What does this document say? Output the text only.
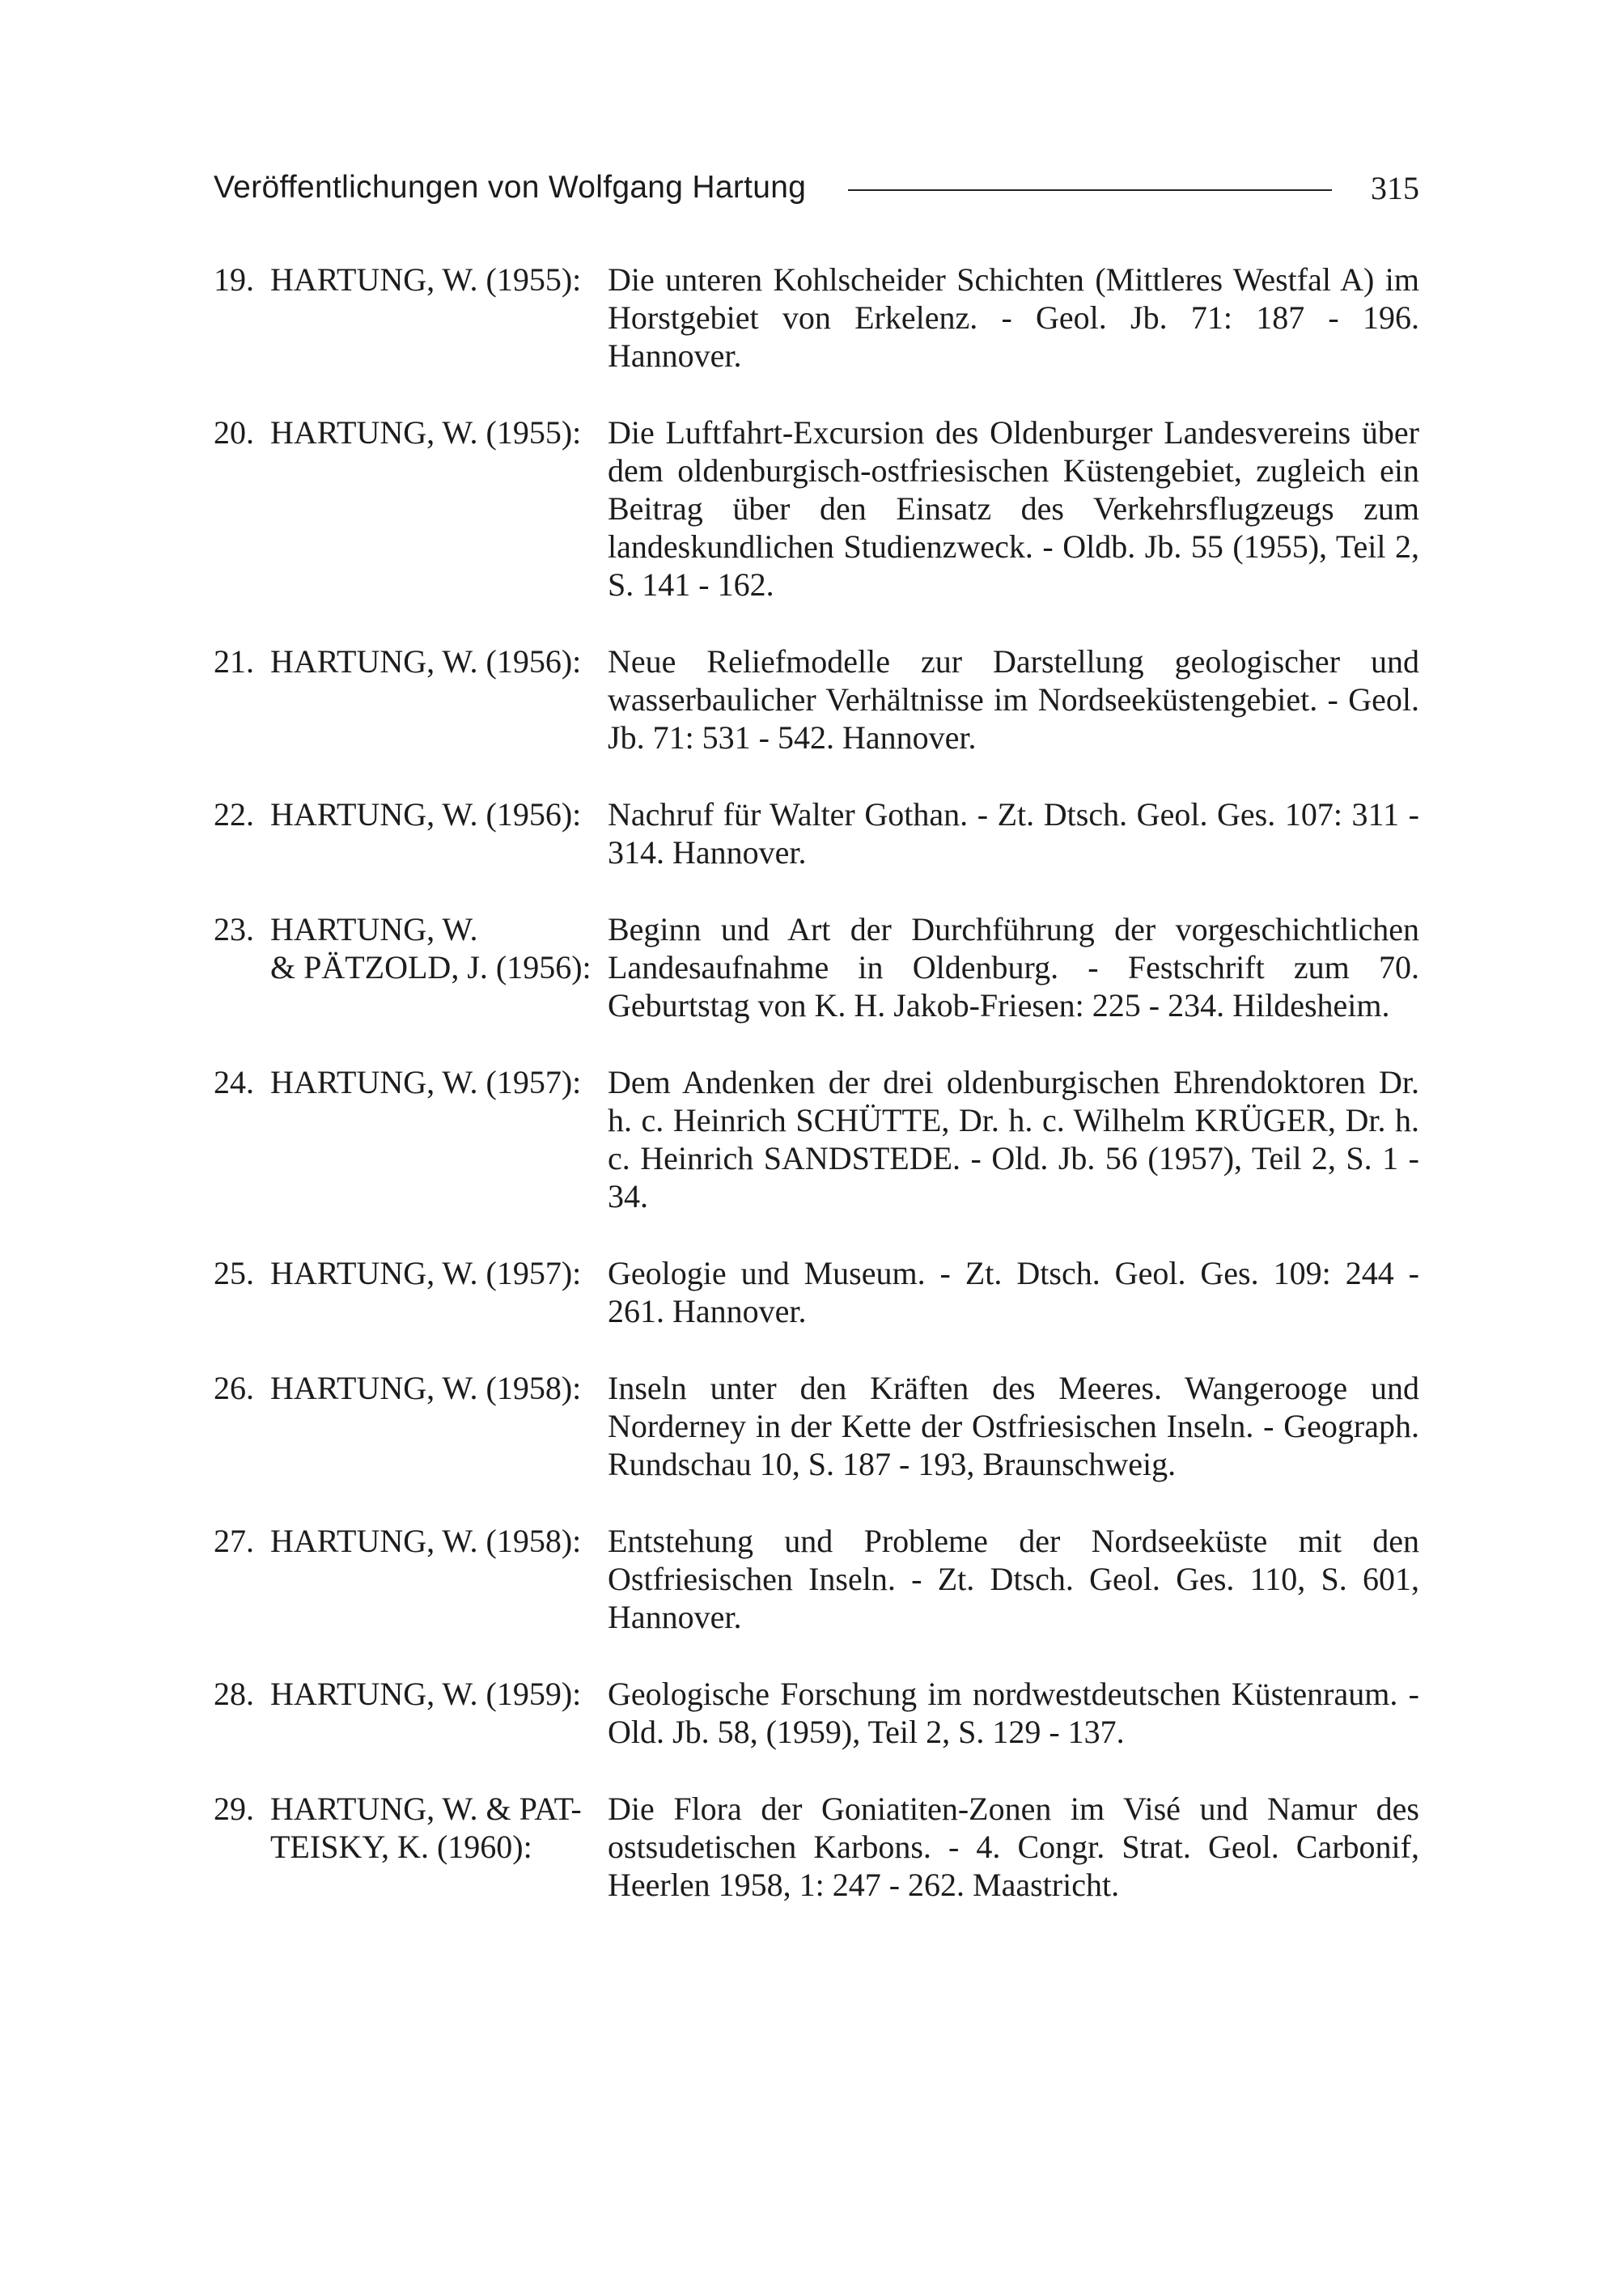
Veröffentlichungen von Wolfgang Hartung	315
19. HARTUNG, W. (1955): Die unteren Kohlscheider Schichten (Mittleres Westfal A) im Horstgebiet von Erkelenz. - Geol. Jb. 71: 187 - 196. Hannover.
20. HARTUNG, W. (1955): Die Luftfahrt-Excursion des Oldenburger Landesvereins über dem oldenburgisch-ostfriesischen Küstengebiet, zugleich ein Beitrag über den Einsatz des Verkehrsflugzeugs zum landeskundlichen Studienzweck. - Oldb. Jb. 55 (1955), Teil 2, S. 141 - 162.
21. HARTUNG, W. (1956): Neue Reliefmodelle zur Darstellung geologischer und wasserbaulicher Verhältnisse im Nordseeküstengebiet. - Geol. Jb. 71: 531 - 542. Hannover.
22. HARTUNG, W. (1956): Nachruf für Walter Gothan. - Zt. Dtsch. Geol. Ges. 107: 311 - 314. Hannover.
23. HARTUNG, W.
& PÄTZOLD, J. (1956):
Beginn und Art der Durchführung der vorgeschichtlichen Landesaufnahme in Oldenburg. - Festschrift zum 70. Geburtstag von K. H. Jakob-Friesen: 225 - 234. Hildesheim.
24. HARTUNG, W. (1957): Dem Andenken der drei oldenburgischen Ehrendoktoren Dr. h. c. Heinrich SCHÜTTE, Dr. h. c. Wilhelm KRÜGER, Dr. h. c. Heinrich SANDSTEDE. - Old. Jb. 56 (1957), Teil 2, S. 1 - 34.
25. HARTUNG, W. (1957): Geologie und Museum. - Zt. Dtsch. Geol. Ges. 109: 244 - 261. Hannover.
26. HARTUNG, W. (1958): Inseln unter den Kräften des Meeres. Wangerooge und Norderney in der Kette der Ostfriesischen Inseln. - Geograph. Rundschau 10, S. 187 - 193, Braunschweig.
27. HARTUNG, W. (1958): Entstehung und Probleme der Nordseeküste mit den Ostfriesischen Inseln. - Zt. Dtsch. Geol. Ges. 110, S. 601, Hannover.
28. HARTUNG, W. (1959): Geologische Forschung im nordwestdeutschen Küstenraum. - Old. Jb. 58, (1959), Teil 2, S. 129 - 137.
29. HARTUNG, W. & PAT-
TEISKY, K. (1960):
Die Flora der Goniatiten-Zonen im Visé und Namur des ostsudetischen Karbons. - 4. Congr. Strat. Geol. Carbonif, Heerlen 1958, 1: 247 - 262. Maastricht.
